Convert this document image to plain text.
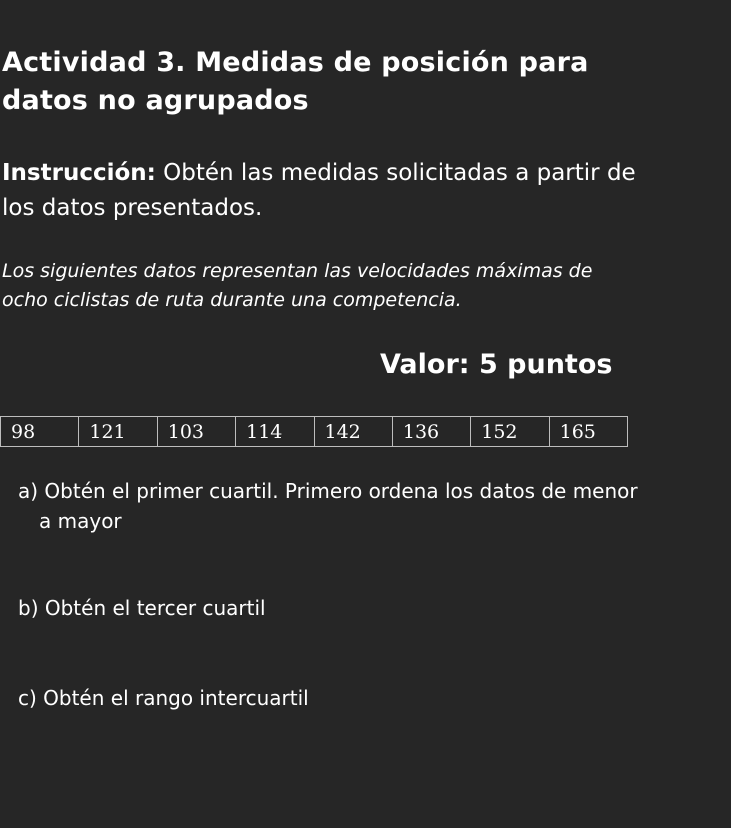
Actividad 3. Medidas de posición para datos no agrupados

Instrucción: Obtén las medidas solicitadas a partir de los datos presentados.

Los siguientes datos representan las velocidades máximas de ocho ciclistas de ruta durante una competencia.

Valor: 5 puntos

98	121	103	114	142	136	152	165
a) Obtén el primer cuartil. Primero ordena los datos de menor a mayor
b) Obtén el tercer cuartil
c) Obtén el rango intercuartil
